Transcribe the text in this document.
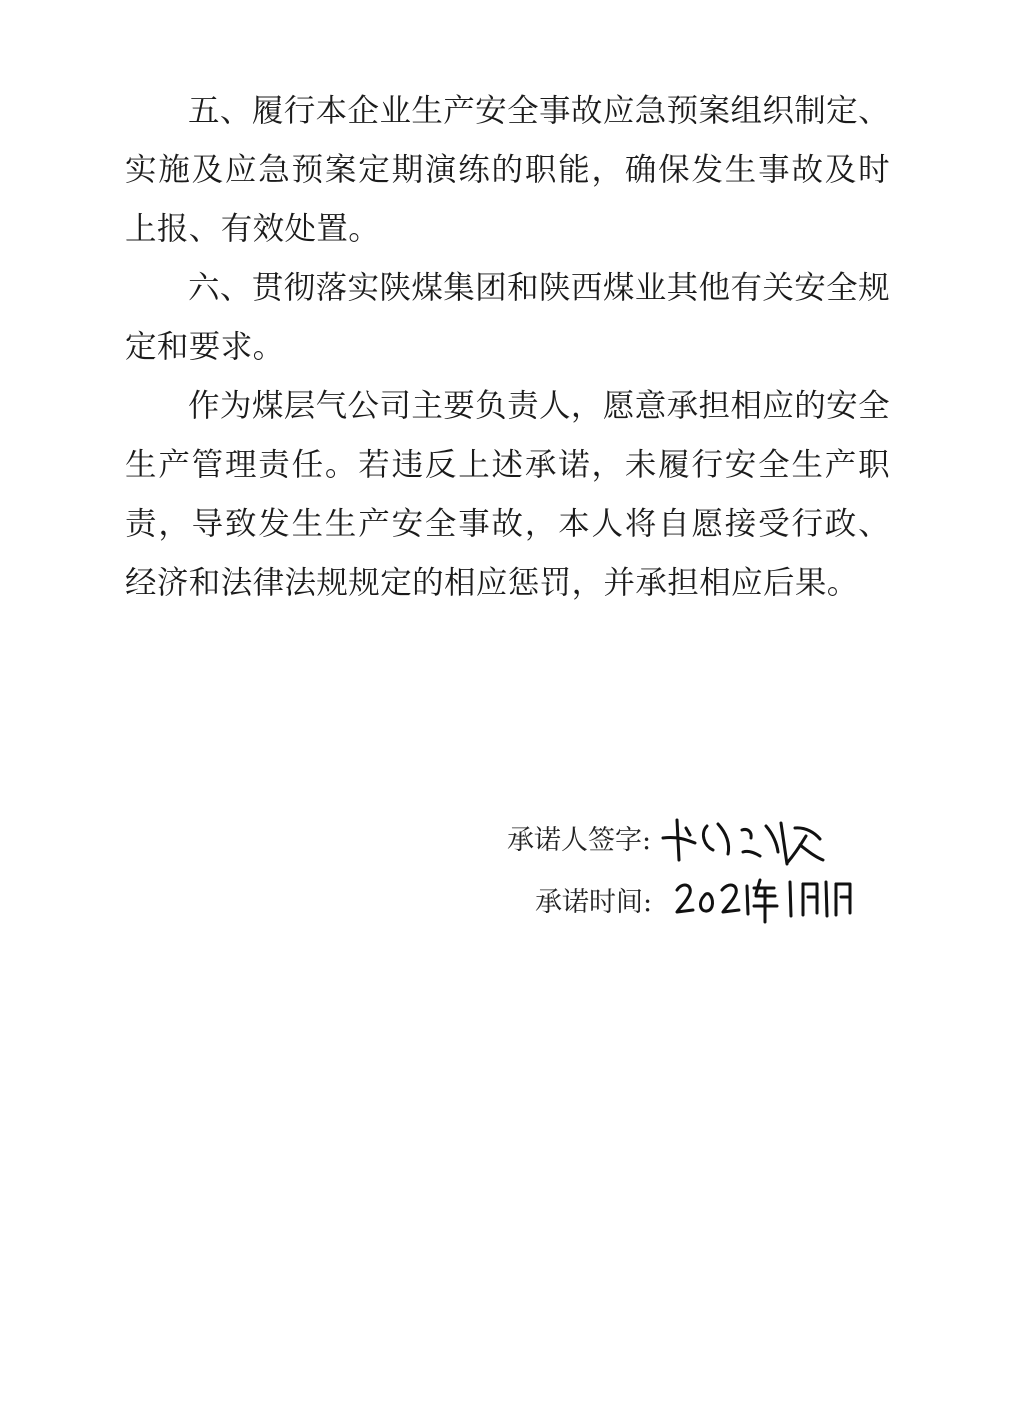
五、履行本企业生产安全事故应急预案组织制定、实施及应急预案定期演练的职能，确保发生事故及时上报、有效处置。

六、贯彻落实陕煤集团和陕西煤业其他有关安全规定和要求。

作为煤层气公司主要负责人，愿意承担相应的安全生产管理责任。若违反上述承诺，未履行安全生产职责，导致发生生产安全事故，本人将自愿接受行政、经济和法律法规规定的相应惩罚，并承担相应后果。

承诺人签字:
承诺时间:
